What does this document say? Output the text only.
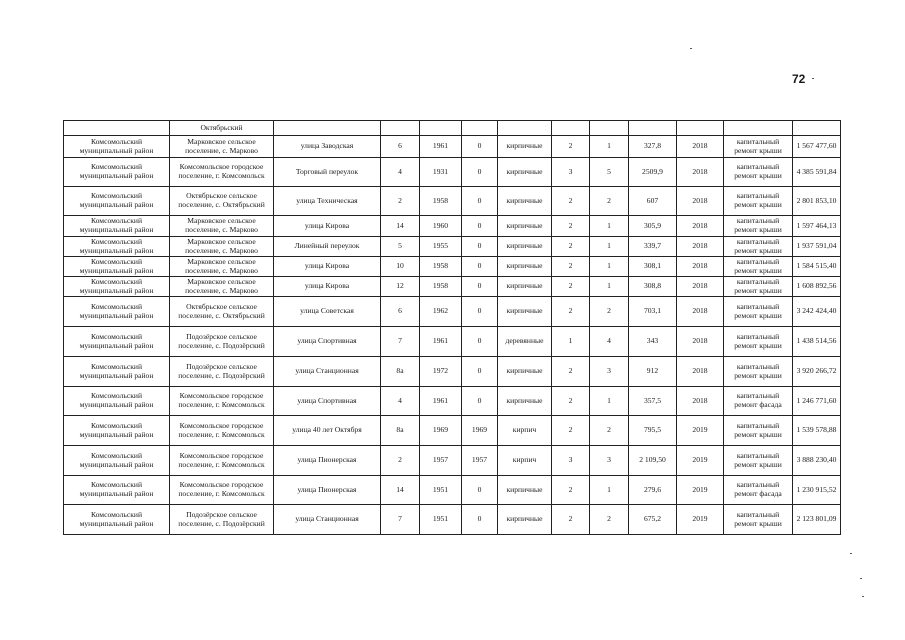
72
	Октябрьский											
Комсомольский муниципальный район	Марковское сельское поселение, с. Марково	улица Заводская	6	1961	0	кирпичные	2	1	327,8	2018	капитальный ремонт крыши	1 567 477,60
Комсомольский муниципальный район	Комсомольское городское поселение, г. Комсомольск	Торговый переулок	4	1931	0	кирпичные	3	5	2509,9	2018	капитальный ремонт крыши	4 385 591,84
Комсомольский муниципальный район	Октябрьское сельское поселение, с. Октябрьский	улица Техническая	2	1958	0	кирпичные	2	2	607	2018	капитальный ремонт крыши	2 801 853,10
Комсомольский муниципальный район	Марковское сельское поселение, с. Марково	улица Кирова	14	1960	0	кирпичные	2	1	305,9	2018	капитальный ремонт крыши	1 597 464,13
Комсомольский муниципальный район	Марковское сельское поселение, с. Марково	Линейный переулок	5	1955	0	кирпичные	2	1	339,7	2018	капитальный ремонт крыши	1 937 591,04
Комсомольский муниципальный район	Марковское сельское поселение, с. Марково	улица Кирова	10	1958	0	кирпичные	2	1	308,1	2018	капитальный ремонт крыши	1 584 515,40
Комсомольский муниципальный район	Марковское сельское поселение, с. Марково	улица Кирова	12	1958	0	кирпичные	2	1	308,8	2018	капитальный ремонт крыши	1 608 892,56
Комсомольский муниципальный район	Октябрьское сельское поселение, с. Октябрьский	улица Советская	6	1962	0	кирпичные	2	2	703,1	2018	капитальный ремонт крыши	3 242 424,40
Комсомольский муниципальный район	Подозёрское сельское поселение, с. Подозёрский	улица Спортивная	7	1961	0	деревянные	1	4	343	2018	капитальный ремонт крыши	1 438 514,56
Комсомольский муниципальный район	Подозёрское сельское поселение, с. Подозёрский	улица Станционная	8а	1972	0	кирпичные	2	3	912	2018	капитальный ремонт крыши	3 920 266,72
Комсомольский муниципальный район	Комсомольское городское поселение, г. Комсомольск	улица Спортивная	4	1961	0	кирпичные	2	1	357,5	2018	капитальный ремонт фасада	1 246 771,60
Комсомольский муниципальный район	Комсомольское городское поселение, г. Комсомольск	улица 40 лет Октября	8а	1969	1969	кирпич	2	2	795,5	2019	капитальный ремонт крыши	1 539 578,88
Комсомольский муниципальный район	Комсомольское городское поселение, г. Комсомольск	улица Пионерская	2	1957	1957	кирпич	3	3	2 109,50	2019	капитальный ремонт крыши	3 888 230,40
Комсомольский муниципальный район	Комсомольское городское поселение, г. Комсомольск	улица Пионерская	14	1951	0	кирпичные	2	1	279,6	2019	капитальный ремонт фасада	1 230 915,52
Комсомольский муниципальный район	Подозёрское сельское поселение, с. Подозёрский	улица Станционная	7	1951	0	кирпичные	2	2	675,2	2019	капитальный ремонт крыши	2 123 801,09
